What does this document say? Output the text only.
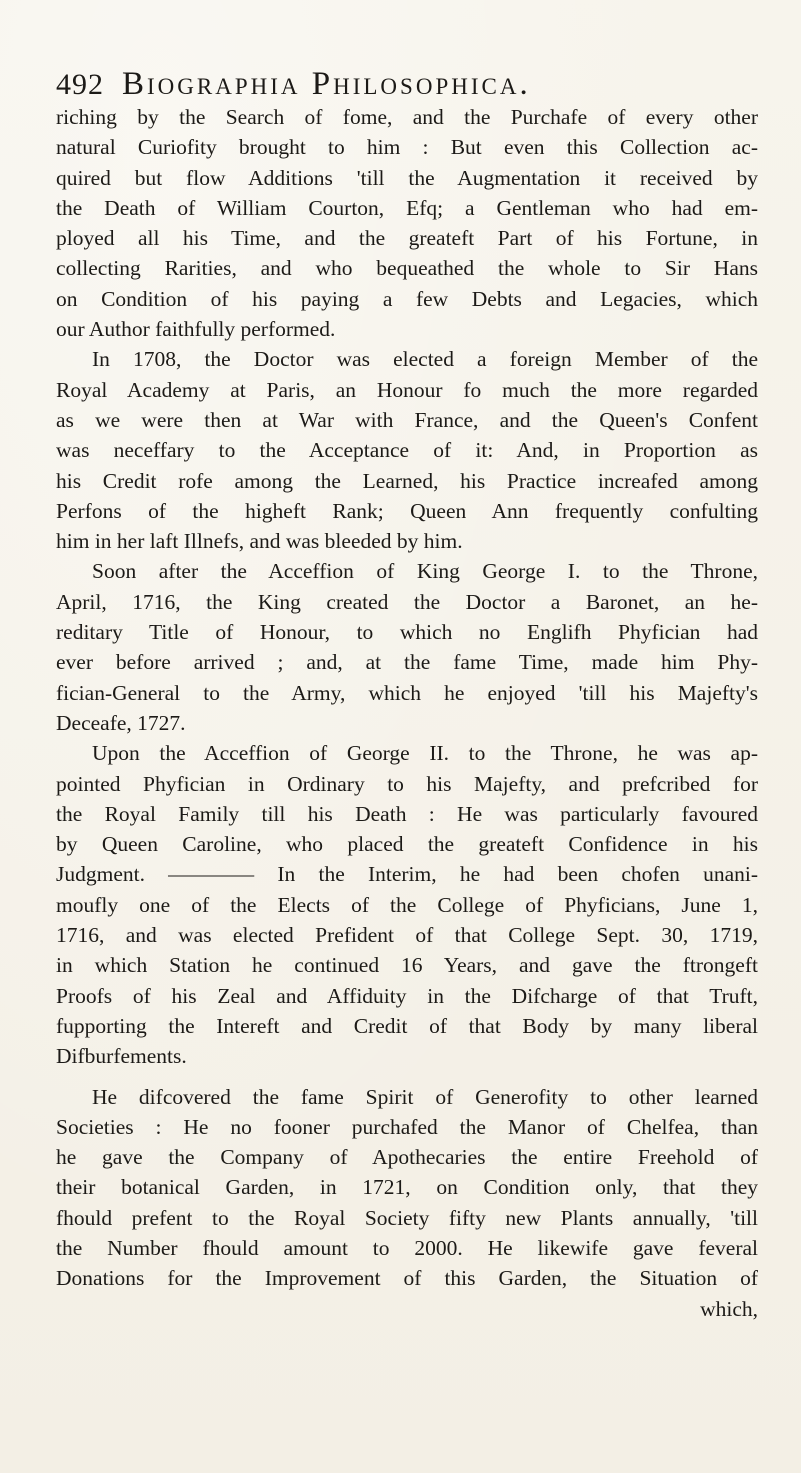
492 Biographia Philosophica.
riching by the Search of fome, and the Purchafe of every other
natural Curiofity brought to him : But even this Collection ac-
quired but flow Additions 'till the Augmentation it received by
the Death of William Courton, Efq; a Gentleman who had em-
ployed all his Time, and the greateft Part of his Fortune, in
collecting Rarities, and who bequeathed the whole to Sir Hans
on Condition of his paying a few Debts and Legacies, which
our Author faithfully performed.
In 1708, the Doctor was elected a foreign Member of the
Royal Academy at Paris, an Honour fo much the more regarded
as we were then at War with France, and the Queen's Confent
was neceffary to the Acceptance of it: And, in Proportion as
his Credit rofe among the Learned, his Practice increafed among
Perfons of the higheft Rank; Queen Ann frequently confulting
him in her laft Illnefs, and was bleeded by him.
Soon after the Acceffion of King George I. to the Throne,
April, 1716, the King created the Doctor a Baronet, an he-
reditary Title of Honour, to which no Englifh Phyfician had
ever before arrived ; and, at the fame Time, made him Phy-
fician-General to the Army, which he enjoyed 'till his Majefty's
Deceafe, 1727.
Upon the Acceffion of George II. to the Throne, he was ap-
pointed Phyfician in Ordinary to his Majefty, and prefcribed for
the Royal Family till his Death : He was particularly favoured
by Queen Caroline, who placed the greateft Confidence in his
Judgment. ———— In the Interim, he had been chofen unani-
moufly one of the Elects of the College of Phyficians, June 1,
1716, and was elected Prefident of that College Sept. 30, 1719,
in which Station he continued 16 Years, and gave the ftrongeft
Proofs of his Zeal and Affiduity in the Difcharge of that Truft,
fupporting the Intereft and Credit of that Body by many liberal
Difburfements.
He difcovered the fame Spirit of Generofity to other learned
Societies : He no fooner purchafed the Manor of Chelfea, than
he gave the Company of Apothecaries the entire Freehold of
their botanical Garden, in 1721, on Condition only, that they
fhould prefent to the Royal Society fifty new Plants annually, 'till
the Number fhould amount to 2000. He likewife gave feveral
Donations for the Improvement of this Garden, the Situation of
which,
